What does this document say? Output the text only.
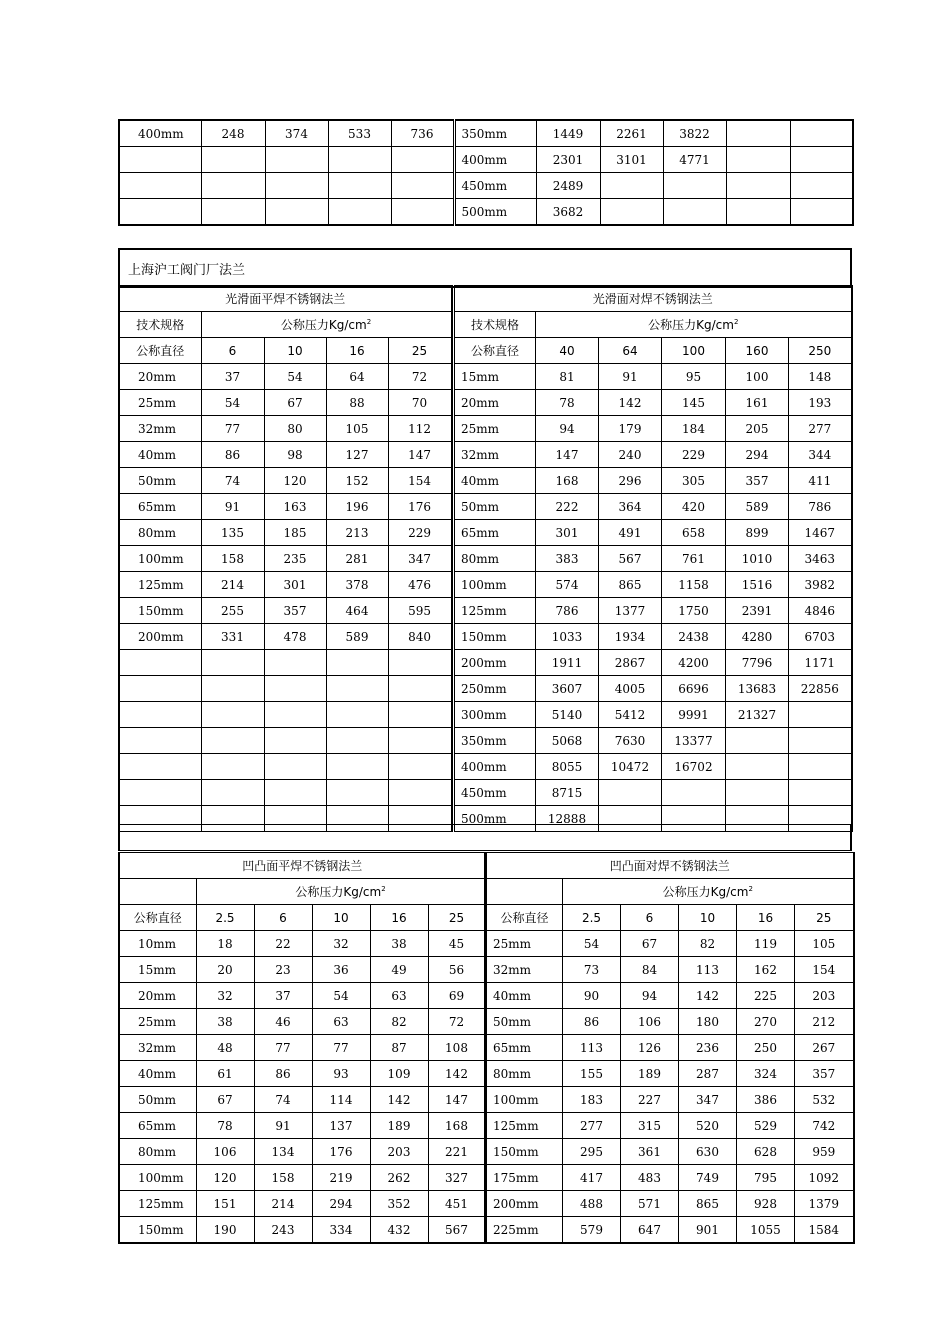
400mm	248	374	533	736	350mm	1449	2261	3822		
					400mm	2301	3101	4771		
					450mm	2489				
					500mm	3682				
上海沪工阀门厂法兰
光滑面平焊不锈钢法兰				
技术规格	公称压力$Kg/cm^2$
公称直径	6	10	16	25
20mm	37	54	64	72
25mm	54	67	88	70
32mm	77	80	105	112
40mm	86	98	127	147
50mm	74	120	152	154
65mm	91	163	196	176
80mm	135	185	213	229
100mm	158	235	281	347
125mm	214	301	378	476
150mm	255	357	464	595
200mm	331	478	589	840

光滑面对焊不锈钢法兰					
技术规格	公称压力$Kg/cm^2$
公称直径	40	64	100	160	250
15mm	81	91	95	100	148
20mm	78	142	145	161	193
25mm	94	179	184	205	277
32mm	147	240	229	294	344
40mm	168	296	305	357	411
50mm	222	364	420	589	786
65mm	301	491	658	899	1467
80mm	383	567	761	1010	3463
100mm	574	865	1158	1516	3982
125mm	786	1377	1750	2391	4846
150mm	1033	1934	2438	4280	6703
200mm	1911	2867	4200	7796	1171
250mm	3607	4005	6696	13683	22856
300mm	5140	5412	9991	21327	
350mm	5068	7630	13377		
400mm	8055	10472	16702		
450mm	8715				
500mm	12888				
凹凸面平焊不锈钢法兰					
	公称压力$Kg/cm^2$
公称直径	2.5	6	10	16	25
10mm	18	22	32	38	45
15mm	20	23	36	49	56
20mm	32	37	54	63	69
25mm	38	46	63	82	72
32mm	48	77	77	87	108
40mm	61	86	93	109	142
50mm	67	74	114	142	147
65mm	78	91	137	189	168
80mm	106	134	176	203	221
100mm	120	158	219	262	327
125mm	151	214	294	352	451
150mm	190	243	334	432	567
凹凸面对焊不锈钢法兰					
	公称压力$Kg/cm^2$
公称直径	2.5	6	10	16	25
25mm	54	67	82	119	105
32mm	73	84	113	162	154
40mm	90	94	142	225	203
50mm	86	106	180	270	212
65mm	113	126	236	250	267
80mm	155	189	287	324	357
100mm	183	227	347	386	532
125mm	277	315	520	529	742
150mm	295	361	630	628	959
175mm	417	483	749	795	1092
200mm	488	571	865	928	1379
225mm	579	647	901	1055	1584
